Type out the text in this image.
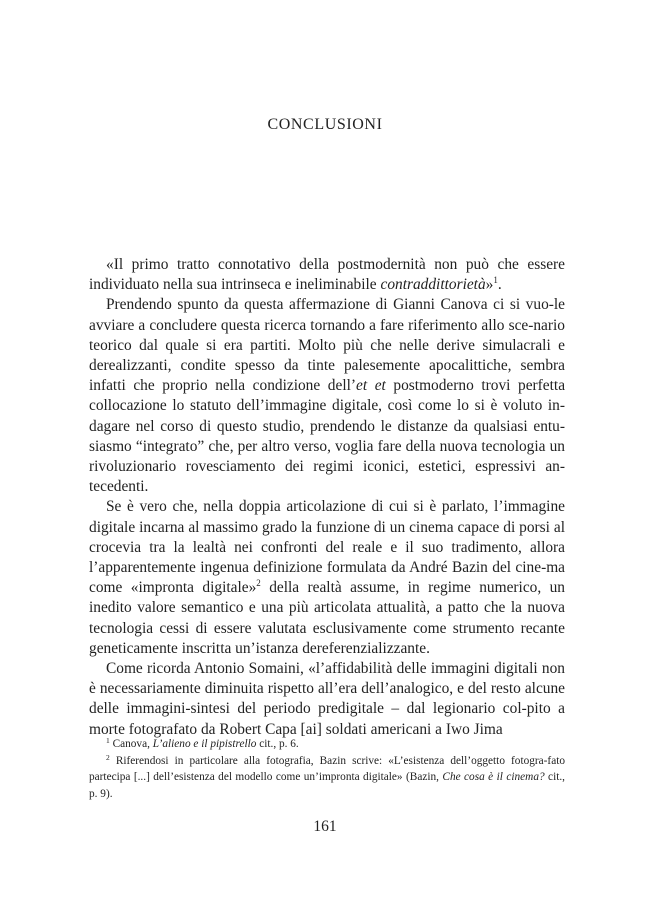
CONCLUSIONI

«Il primo tratto connotativo della postmodernità non può che essere individuato nella sua intrinseca e ineliminabile contraddittorietà»$^1$.

Prendendo spunto da questa affermazione di Gianni Canova ci si vuo-le avviare a concludere questa ricerca tornando a fare riferimento allo sce-nario teorico dal quale si era partiti. Molto più che nelle derive simulacrali e derealizzanti, condite spesso da tinte palesemente apocalittiche, sembra infatti che proprio nella condizione dell’et et postmoderno trovi perfetta collocazione lo statuto dell’immagine digitale, così come lo si è voluto in-dagare nel corso di questo studio, prendendo le distanze da qualsiasi entu-siasmo “integrato” che, per altro verso, voglia fare della nuova tecnologia un rivoluzionario rovesciamento dei regimi iconici, estetici, espressivi an-tecedenti.

Se è vero che, nella doppia articolazione di cui si è parlato, l’immagine digitale incarna al massimo grado la funzione di un cinema capace di porsi al crocevia tra la lealtà nei confronti del reale e il suo tradimento, allora l’apparentemente ingenua definizione formulata da André Bazin del cine-ma come «impronta digitale»$^2$ della realtà assume, in regime numerico, un inedito valore semantico e una più articolata attualità, a patto che la nuova tecnologia cessi di essere valutata esclusivamente come strumento recante geneticamente inscritta un’istanza dereferenzializzante.

Come ricorda Antonio Somaini, «l’affidabilità delle immagini digitali non è necessariamente diminuita rispetto all’era dell’analogico, e del resto alcune delle immagini-sintesi del periodo predigitale – dal legionario col-pito a morte fotografato da Robert Capa [ai] soldati americani a Iwo Jima

$^1$ Canova, L’alieno e il pipistrello cit., p. 6.

$^2$ Riferendosi in particolare alla fotografia, Bazin scrive: «L’esistenza dell’oggetto fotogra-fato partecipa [...] dell’esistenza del modello come un’impronta digitale» (Bazin, Che cosa è il cinema? cit., p. 9).

161
